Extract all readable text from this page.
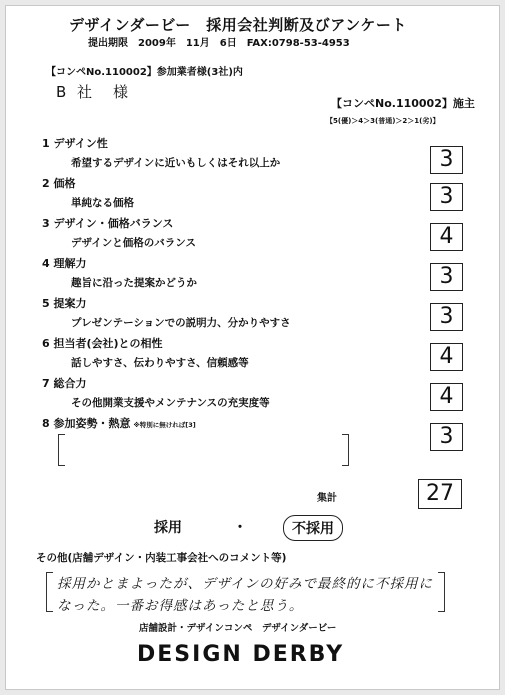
デザインダービー　採用会社判断及びアンケート
提出期限　2009年　11月　6日　FAX:0798-53-4953
【コンペNo.110002】参加業者様(3社)内
B 社　様
【コンペNo.110002】施主
【5(優)＞4＞3(普通)＞2＞1(劣)】
1 デザイン性
希望するデザインに近いもしくはそれ以上か	3
2 価格
単純なる価格	3
3 デザイン・価格バランス
デザインと価格のバランス	4
4 理解力
趣旨に沿った提案かどうか	3
5 提案力
プレゼンテーションでの説明力、分かりやすさ	3
6 担当者(会社)との相性
話しやすさ、伝わりやすさ、信頼感等	4
7 総合力
その他開業支援やメンテナンスの充実度等	4
8 参加姿勢・熱意 ※特別に無ければ[3]	3
集計	27
採用	・	不採用
その他(店舗デザイン・内装工事会社へのコメント等)
採用かとまよったが、デザインの好みで最終的に不採用に
なった。一番お得感はあったと思う。
店舗設計・デザインコンペ　デザインダービー
DESIGN DERBY
